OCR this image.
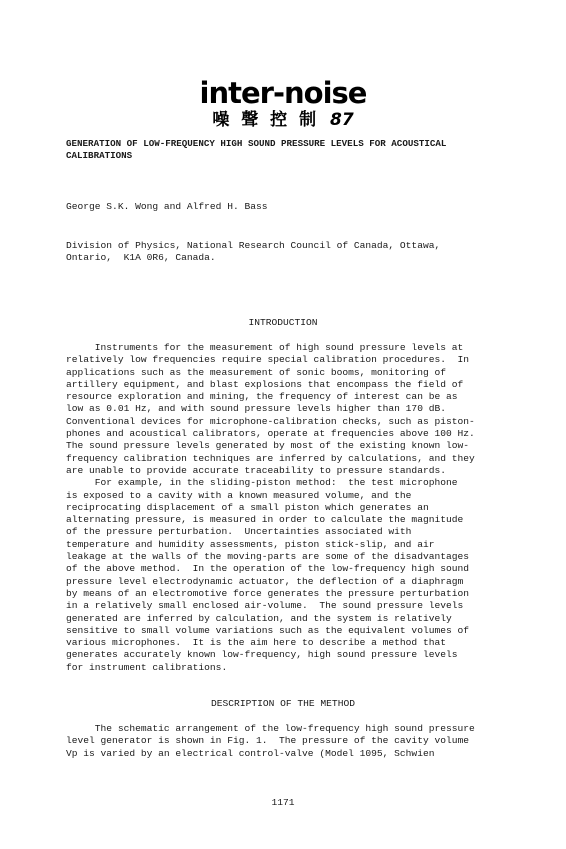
inter-noise
噪 聲 控 制 87
GENERATION OF LOW-FREQUENCY HIGH SOUND PRESSURE LEVELS FOR ACOUSTICAL CALIBRATIONS

George S.K. Wong and Alfred H. Bass

Division of Physics, National Research Council of Canada, Ottawa,
Ontario,  K1A 0R6, Canada.

INTRODUCTION

Instruments for the measurement of high sound pressure levels at
relatively low frequencies require special calibration procedures.  In
applications such as the measurement of sonic booms, monitoring of
artillery equipment, and blast explosions that encompass the field of
resource exploration and mining, the frequency of interest can be as
low as 0.01 Hz, and with sound pressure levels higher than 170 dB.
Conventional devices for microphone-calibration checks, such as piston-
phones and acoustical calibrators, operate at frequencies above 100 Hz.
The sound pressure levels generated by most of the existing known low-
frequency calibration techniques are inferred by calculations, and they
are unable to provide accurate traceability to pressure standards.
For example, in the sliding-piston method:  the test microphone
is exposed to a cavity with a known measured volume, and the
reciprocating displacement of a small piston which generates an
alternating pressure, is measured in order to calculate the magnitude
of the pressure perturbation.  Uncertainties associated with
temperature and humidity assessments, piston stick-slip, and air
leakage at the walls of the moving-parts are some of the disadvantages
of the above method.  In the operation of the low-frequency high sound
pressure level electrodynamic actuator, the deflection of a diaphragm
by means of an electromotive force generates the pressure perturbation
in a relatively small enclosed air-volume.  The sound pressure levels
generated are inferred by calculation, and the system is relatively
sensitive to small volume variations such as the equivalent volumes of
various microphones.  It is the aim here to describe a method that
generates accurately known low-frequency, high sound pressure levels
for instrument calibrations.

DESCRIPTION OF THE METHOD

The schematic arrangement of the low-frequency high sound pressure
level generator is shown in Fig. 1.  The pressure of the cavity volume
Vp is varied by an electrical control-valve (Model 1095, Schwien

1171
